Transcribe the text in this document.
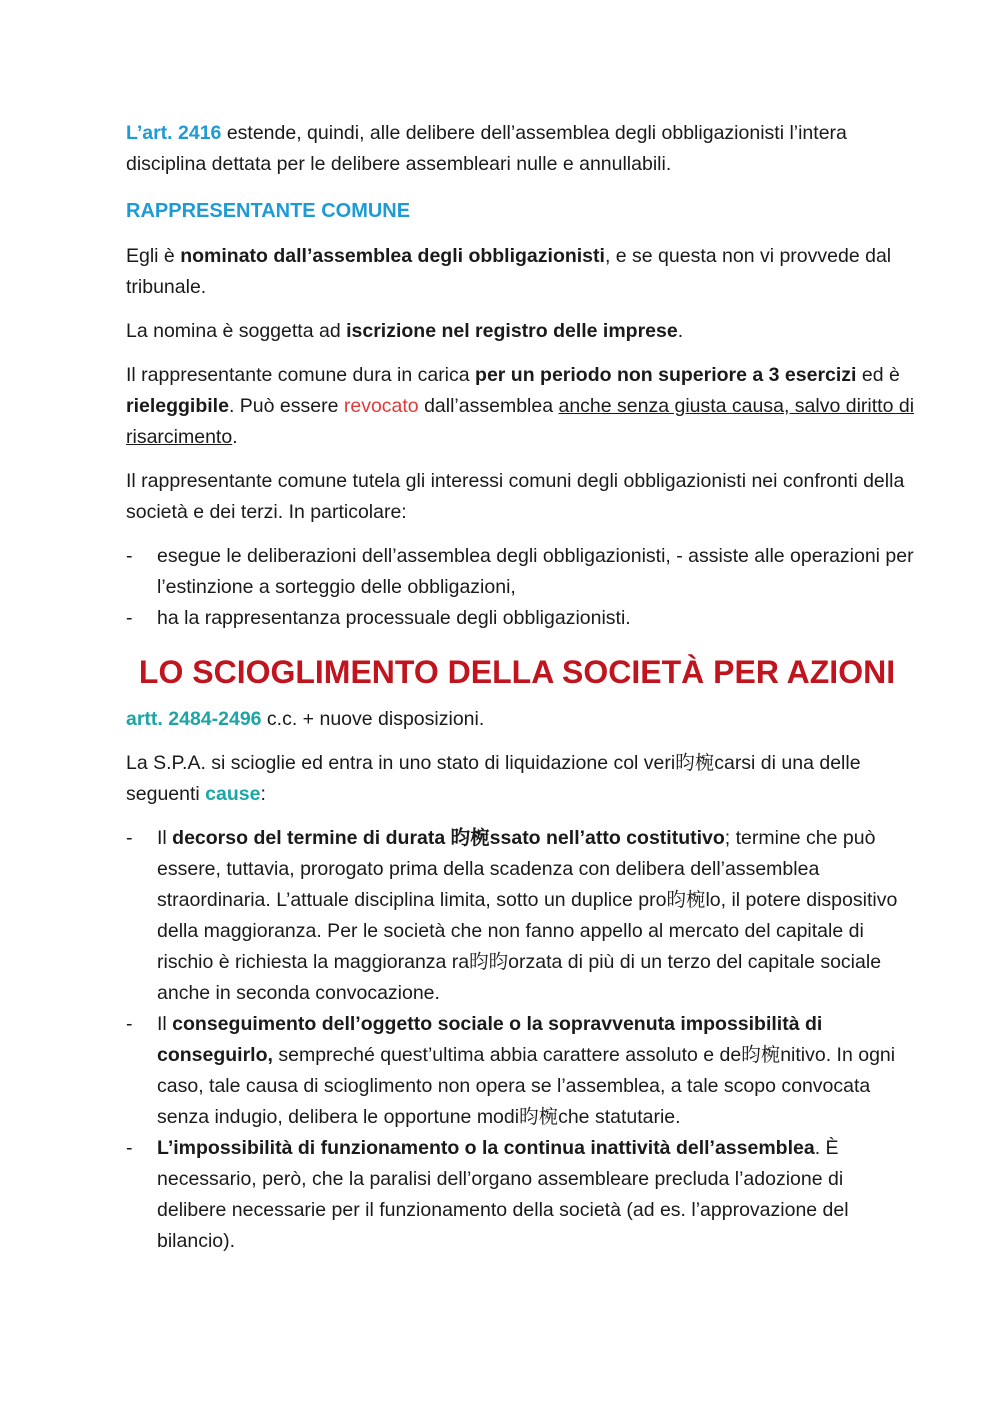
L’art. 2416 estende, quindi, alle delibere dell’assemblea degli obbligazionisti l’intera disciplina dettata per le delibere assembleari nulle e annullabili.

RAPPRESENTANTE COMUNE

Egli è nominato dall’assemblea degli obbligazionisti, e se questa non vi provvede dal tribunale.

La nomina è soggetta ad iscrizione nel registro delle imprese.

Il rappresentante comune dura in carica per un periodo non superiore a 3 esercizi ed è rieleggibile. Può essere revocato dall’assemblea anche senza giusta causa, salvo diritto di risarcimento.

Il rappresentante comune tutela gli interessi comuni degli obbligazionisti nei confronti della società e dei terzi. In particolare:

- esegue le deliberazioni dell’assemblea degli obbligazionisti, - assiste alle operazioni per l’estinzione a sorteggio delle obbligazioni,
- ha la rappresentanza processuale degli obbligazionisti.

LO SCIOGLIMENTO DELLA SOCIETÀ PER AZIONI

artt. 2484-2496 c.c. + nuove disposizioni.

La S.P.A. si scioglie ed entra in uno stato di liquidazione col veri昀椀carsi di una delle seguenti cause:

- Il decorso del termine di durata 昀椀ssato nell’atto costitutivo; termine che può essere, tuttavia, prorogato prima della scadenza con delibera dell’assemblea straordinaria. L’attuale disciplina limita, sotto un duplice pro昀椀lo, il potere dispositivo della maggioranza. Per le società che non fanno appello al mercato del capitale di rischio è richiesta la maggioranza ra昀昀orzata di più di un terzo del capitale sociale anche in seconda convocazione.
- Il conseguimento dell’oggetto sociale o la sopravvenuta impossibilità di conseguirlo, sempreché quest’ultima abbia carattere assoluto e de昀椀nitivo. In ogni caso, tale causa di scioglimento non opera se l’assemblea, a tale scopo convocata senza indugio, delibera le opportune modi昀椀che statutarie.
- L’impossibilità di funzionamento o la continua inattività dell’assemblea. È necessario, però, che la paralisi dell’organo assembleare precluda l’adozione di delibere necessarie per il funzionamento della società (ad es. l’approvazione del bilancio).
